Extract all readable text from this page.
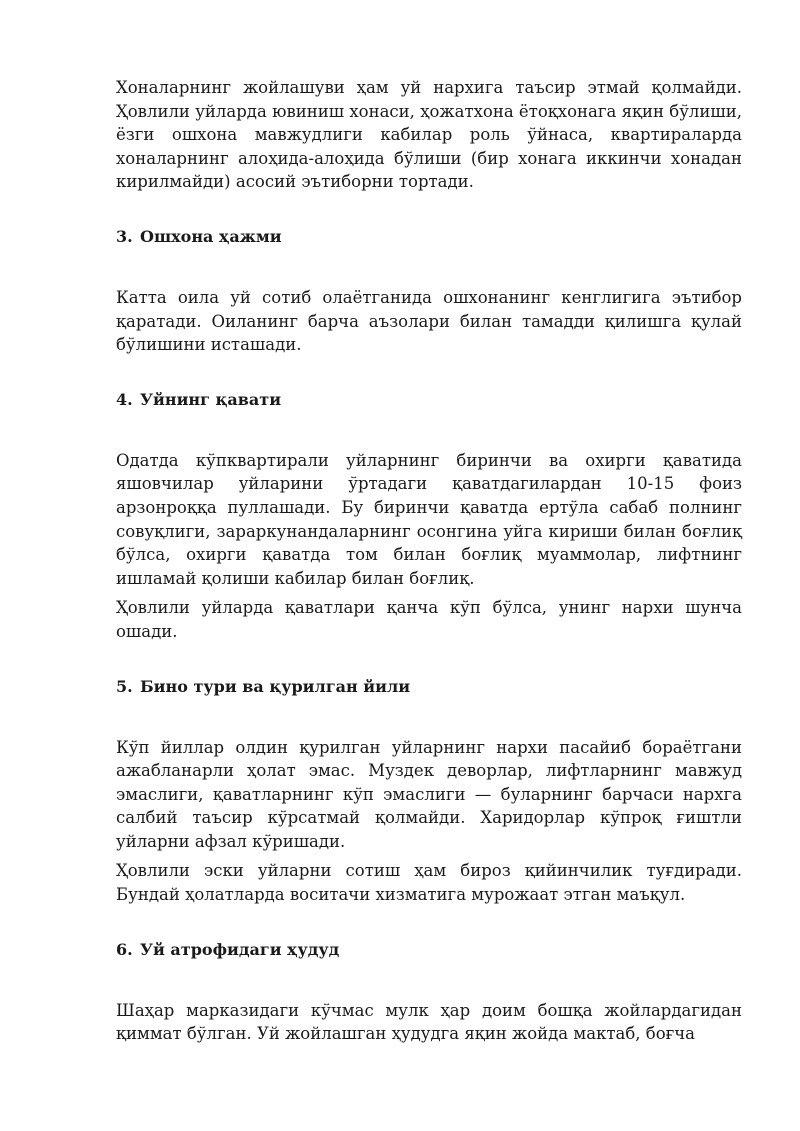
Хоналарнинг жойлашуви ҳам уй нархига таъсир этмай қолмайди. Ҳовлили уйларда ювиниш хонаси, ҳожатхона ётоқхонага яқин бўлиши, ёзги ошхона мавжудлиги кабилар роль ўйнаса, квартираларда хоналарнинг алоҳида-алоҳида бўлиши (бир хонага иккинчи хонадан кирилмайди) асосий эътиборни тортади.

3. Ошхона ҳажми

Катта оила уй сотиб олаётганида ошхонанинг кенглигига эътибор қаратади. Оиланинг барча аъзолари билан тамадди қилишга қулай бўлишини исташади.

4. Уйнинг қавати

Одатда кўпквартирали уйларнинг биринчи ва охирги қаватида яшовчилар уйларини ўртадаги қаватдагилардан 10-15 фоиз арзонроққа пуллашади. Бу биринчи қаватда ертўла сабаб полнинг совуқлиги, зараркунандаларнинг осонгина уйга кириши билан боғлиқ бўлса, охирги қаватда том билан боғлиқ муаммолар, лифтнинг ишламай қолиши кабилар билан боғлиқ.

Ҳовлили уйларда қаватлари қанча кўп бўлса, унинг нархи шунча ошади.

5. Бино тури ва қурилган йили

Кўп йиллар олдин қурилган уйларнинг нархи пасайиб бораётгани ажабланарли ҳолат эмас. Муздек деворлар, лифтларнинг мавжуд эмаслиги, қаватларнинг кўп эмаслиги — буларнинг барчаси нархга салбий таъсир кўрсатмай қолмайди. Харидорлар кўпроқ ғиштли уйларни афзал кўришади.

Ҳовлили эски уйларни сотиш ҳам бироз қийинчилик туғдиради. Бундай ҳолатларда воситачи хизматига мурожаат этган маъқул.

6. Уй атрофидаги ҳудуд

Шаҳар марказидаги кўчмас мулк ҳар доим бошқа жойлардагидан қиммат бўлган. Уй жойлашган ҳудудга яқин жойда мактаб, боғча
